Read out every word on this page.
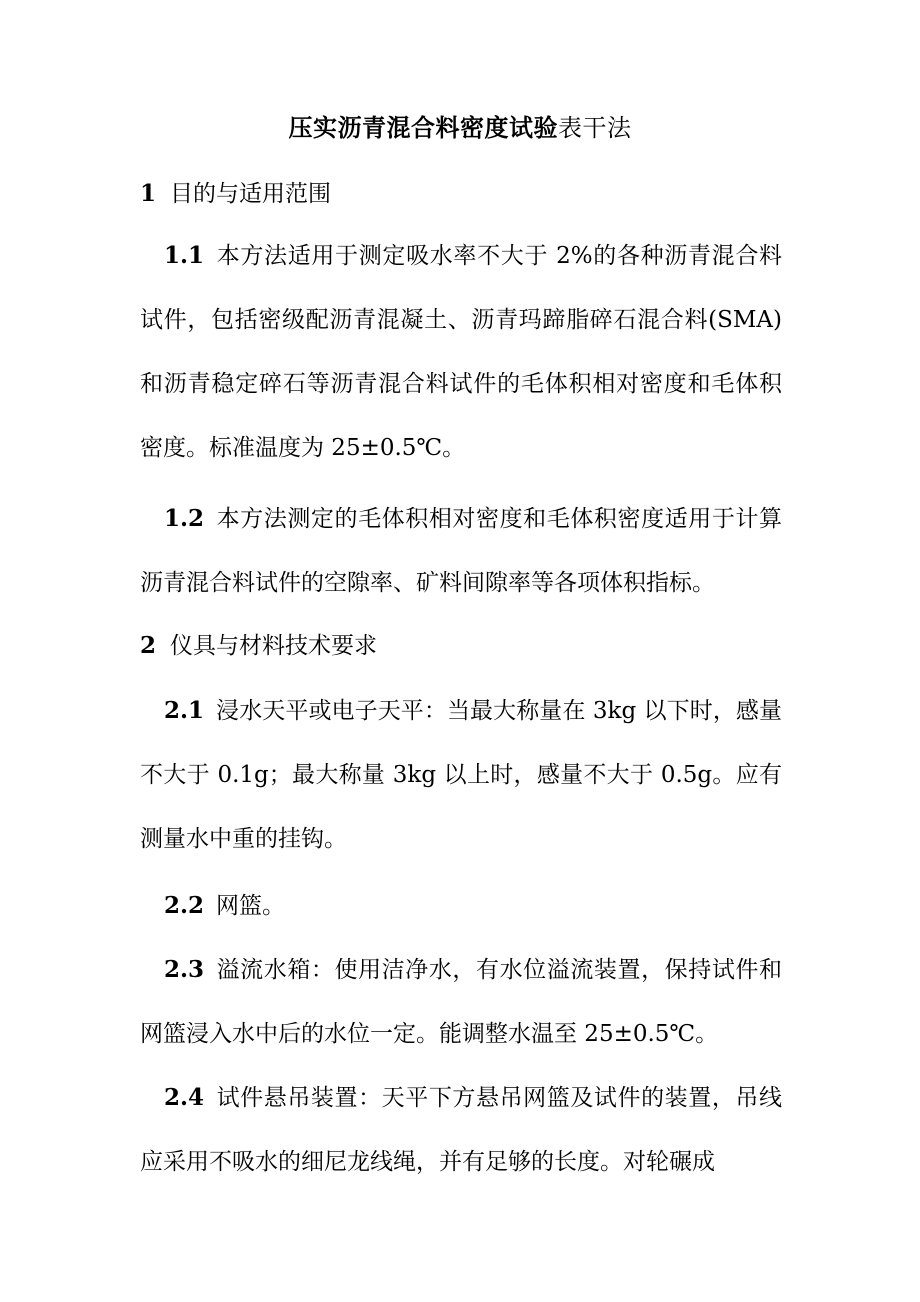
压实沥青混合料密度试验表干法
1 目的与适用范围
1.1 本方法适用于测定吸水率不大于 2%的各种沥青混合料试件，包括密级配沥青混凝土、沥青玛蹄脂碎石混合料(SMA)和沥青稳定碎石等沥青混合料试件的毛体积相对密度和毛体积密度。标准温度为 25±0.5℃。
1.2 本方法测定的毛体积相对密度和毛体积密度适用于计算沥青混合料试件的空隙率、矿料间隙率等各项体积指标。
2 仪具与材料技术要求
2.1 浸水天平或电子天平：当最大称量在 3kg 以下时，感量不大于 0.1g；最大称量 3kg 以上时，感量不大于 0.5g。应有测量水中重的挂钩。
2.2 网篮。
2.3 溢流水箱：使用洁净水，有水位溢流装置，保持试件和网篮浸入水中后的水位一定。能调整水温至 25±0.5℃。
2.4 试件悬吊装置：天平下方悬吊网篮及试件的装置，吊线应采用不吸水的细尼龙线绳，并有足够的长度。对轮碾成
